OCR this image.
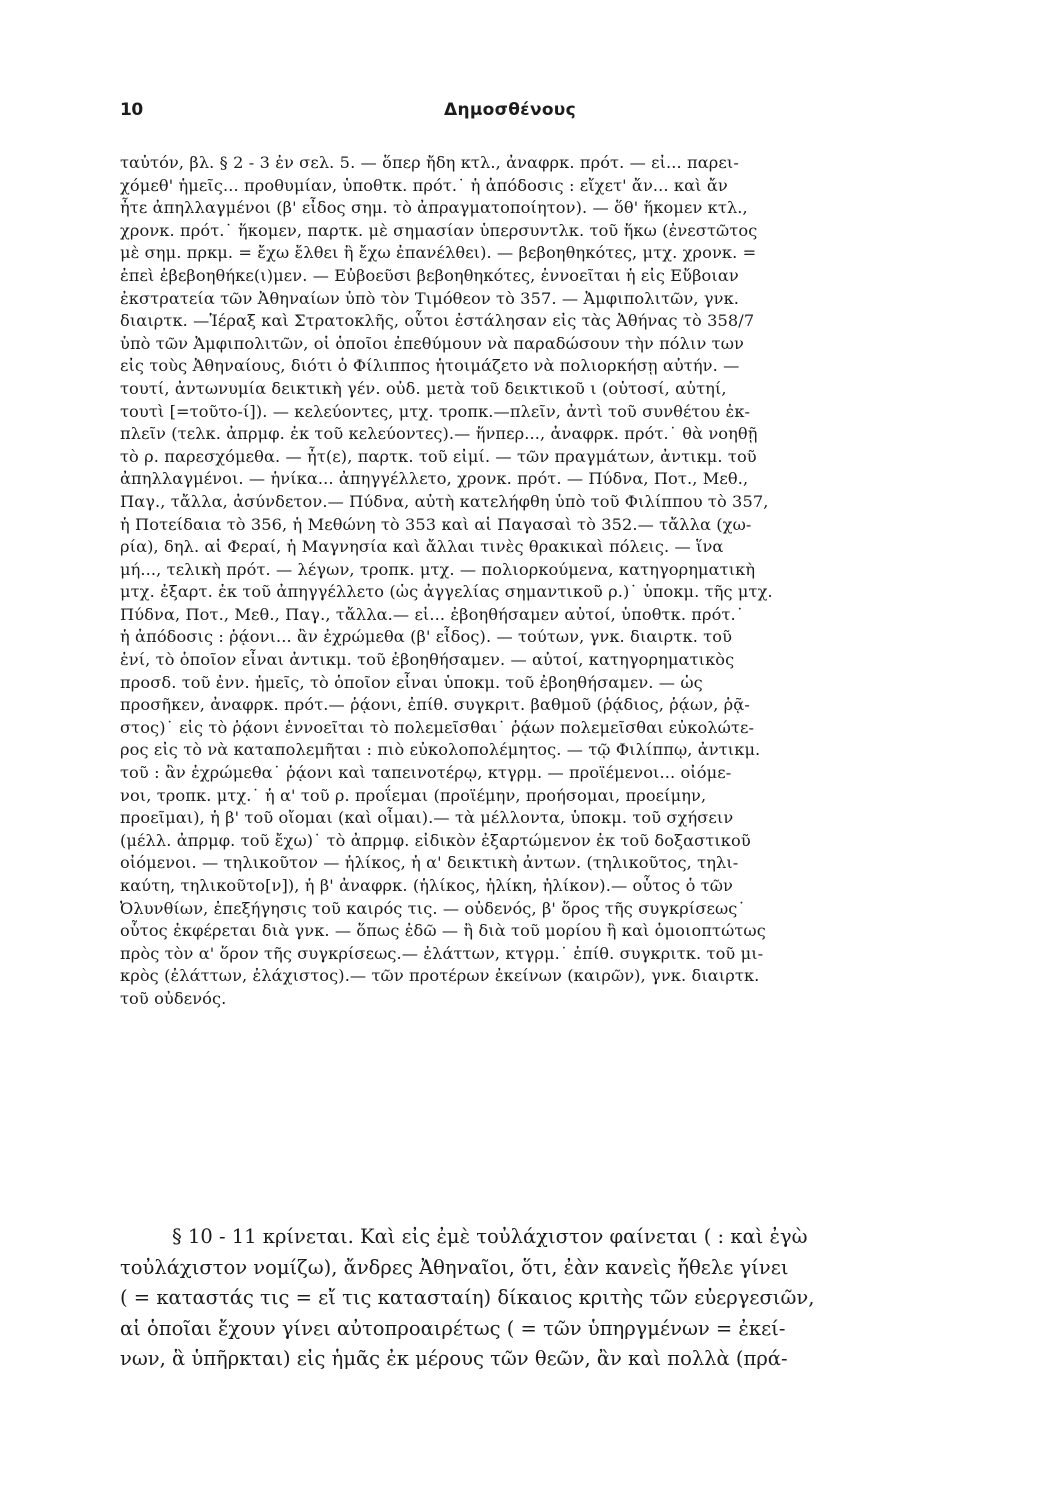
10	Δημοσθένους
ταὐτόν, βλ. § 2 - 3 ἐν σελ. 5. — ὅπερ ἤδη κτλ., ἀναφρκ. πρότ. — εἰ... παρει-
χόμεθ' ἡμεῖς... προθυμίαν, ὑποθτκ. πρότ.˙ ἡ ἀπόδοσις : εἴχετ' ἄν... καὶ ἄν
ἦτε ἀπηλλαγμένοι (β' εἶδος σημ. τὸ ἀπραγματοποίητον). — ὅθ' ἥκομεν κτλ.,
χρονκ. πρότ.˙ ἥκομεν, παρτκ. μὲ σημασίαν ὑπερσυντλκ. τοῦ ἥκω (ἐνεστῶτος
μὲ σημ. πρκμ. = ἔχω ἔλθει ἢ ἔχω ἐπανέλθει). — βεβοηθηκότες, μτχ. χρονκ. =
ἐπεὶ ἐβεβοηθήκε(ι)μεν. — Εὐβοεῦσι βεβοηθηκότες, ἐννοεῖται ἡ εἰς Εὔβοιαν
ἐκστρατεία τῶν Ἀθηναίων ὑπὸ τὸν Τιμόθεον τὸ 357. — Ἀμφιπολιτῶν, γνκ.
διαιρτκ. —Ἱέραξ καὶ Στρατοκλῆς, οὗτοι ἐστάλησαν εἰς τὰς Ἀθήνας τὸ 358/7
ὑπὸ τῶν Ἀμφιπολιτῶν, οἱ ὁποῖοι ἐπεθύμουν νὰ παραδώσουν τὴν πόλιν των
εἰς τοὺς Ἀθηναίους, διότι ὁ Φίλιππος ἡτοιμάζετο νὰ πολιορκήσῃ αὐτήν. —
τουτί, ἀντωνυμία δεικτικὴ γέν. οὐδ. μετὰ τοῦ δεικτικοῦ ι (οὑτοσί, αὑτηί,
τουτὶ [=τοῦτο-ί]). — κελεύοντες, μτχ. τροπκ.—πλεῖν, ἀντὶ τοῦ συνθέτου ἐκ-
πλεῖν (τελκ. ἀπρμφ. ἐκ τοῦ κελεύοντες).— ἥνπερ..., ἀναφρκ. πρότ.˙ θὰ νοηθῇ
τὸ ρ. παρεσχόμεθα. — ἦτ(ε), παρτκ. τοῦ εἰμί. — τῶν πραγμάτων, ἀντικμ. τοῦ
ἀπηλλαγμένοι. — ἡνίκα... ἀπηγγέλλετο, χρονκ. πρότ. — Πύδνα, Ποτ., Μεθ.,
Παγ., τἄλλα, ἀσύνδετον.— Πύδνα, αὐτὴ κατελήφθη ὑπὸ τοῦ Φιλίππου τὸ 357,
ἡ Ποτείδαια τὸ 356, ἡ Μεθώνη τὸ 353 καὶ αἱ Παγασαὶ τὸ 352.— τἄλλα (χω-
ρία), δηλ. αἱ Φεραί, ἡ Μαγνησία καὶ ἄλλαι τινὲς θρακικαὶ πόλεις. — ἵνα
μή..., τελικὴ πρότ. — λέγων, τροπκ. μτχ. — πολιορκούμενα, κατηγορηματικὴ
μτχ. ἐξαρτ. ἐκ τοῦ ἀπηγγέλλετο (ὡς ἀγγελίας σημαντικοῦ ρ.)˙ ὑποκμ. τῆς μτχ.
Πύδνα, Ποτ., Μεθ., Παγ., τἄλλα.— εἰ... ἐβοηθήσαμεν αὐτοί, ὑποθτκ. πρότ.˙
ἡ ἀπόδοσις : ῥᾴονι... ἂν ἐχρώμεθα (β' εἶδος). — τούτων, γνκ. διαιρτκ. τοῦ
ἑνί, τὸ ὁποῖον εἶναι ἀντικμ. τοῦ ἐβοηθήσαμεν. — αὐτοί, κατηγορηματικὸς
προσδ. τοῦ ἐνν. ἡμεῖς, τὸ ὁποῖον εἶναι ὑποκμ. τοῦ ἐβοηθήσαμεν. — ὡς
προσῆκεν, ἀναφρκ. πρότ.— ῥᾴονι, ἐπίθ. συγκριτ. βαθμοῦ (ῥᾴδιος, ῥᾴων, ῥᾷ-
στος)˙ εἰς τὸ ῥᾴονι ἐννοεῖται τὸ πολεμεῖσθαι˙ ῥᾴων πολεμεῖσθαι εὐκολώτε-
ρος εἰς τὸ νὰ καταπολεμῆται : πιὸ εὐκολοπολέμητος. — τῷ Φιλίππῳ, ἀντικμ.
τοῦ : ἂν ἐχρώμεθα˙ ῥᾴονι καὶ ταπεινοτέρῳ, κτγρμ. — προϊέμενοι... οἰόμε-
νοι, τροπκ. μτχ.˙ ἡ α' τοῦ ρ. προΐεμαι (προϊέμην, προήσομαι, προείμην,
προεῖμαι), ἡ β' τοῦ οἴομαι (καὶ οἶμαι).— τὰ μέλλοντα, ὑποκμ. τοῦ σχήσειν
(μέλλ. ἀπρμφ. τοῦ ἔχω)˙ τὸ ἀπρμφ. εἰδικὸν ἐξαρτώμενον ἐκ τοῦ δοξαστικοῦ
οἰόμενοι. — τηλικοῦτον — ἡλίκος, ἡ α' δεικτικὴ ἀντων. (τηλικοῦτος, τηλι-
καύτη, τηλικοῦτο[ν]), ἡ β' ἀναφρκ. (ἡλίκος, ἡλίκη, ἡλίκον).— οὗτος ὁ τῶν
Ὀλυνθίων, ἐπεξήγησις τοῦ καιρός τις. — οὐδενός, β' ὅρος τῆς συγκρίσεως˙
οὗτος ἐκφέρεται διὰ γνκ. — ὅπως ἐδῶ — ἢ διὰ τοῦ μορίου ἢ καὶ ὁμοιοπτώτως
πρὸς τὸν α' ὅρον τῆς συγκρίσεως.— ἐλάττων, κτγρμ.˙ ἐπίθ. συγκριτκ. τοῦ μι-
κρὸς (ἐλάττων, ἐλάχιστος).— τῶν προτέρων ἐκείνων (καιρῶν), γνκ. διαιρτκ.
τοῦ οὐδενός.
§ 10 - 11 κρίνεται. Καὶ εἰς ἐμὲ τοὐλάχιστον φαίνεται ( : καὶ ἐγὼ
τοὐλάχιστον νομίζω), ἄνδρες Ἀθηναῖοι, ὅτι, ἐὰν κανεὶς ἤθελε γίνει
( = καταστάς τις = εἴ τις κατασταίη) δίκαιος κριτὴς τῶν εὐεργεσιῶν,
αἱ ὁποῖαι ἔχουν γίνει αὐτοπροαιρέτως ( = τῶν ὑπηργμένων = ἐκεί-
νων, ἃ ὑπῆρκται) εἰς ἡμᾶς ἐκ μέρους τῶν θεῶν, ἂν καὶ πολλὰ (πρά-
